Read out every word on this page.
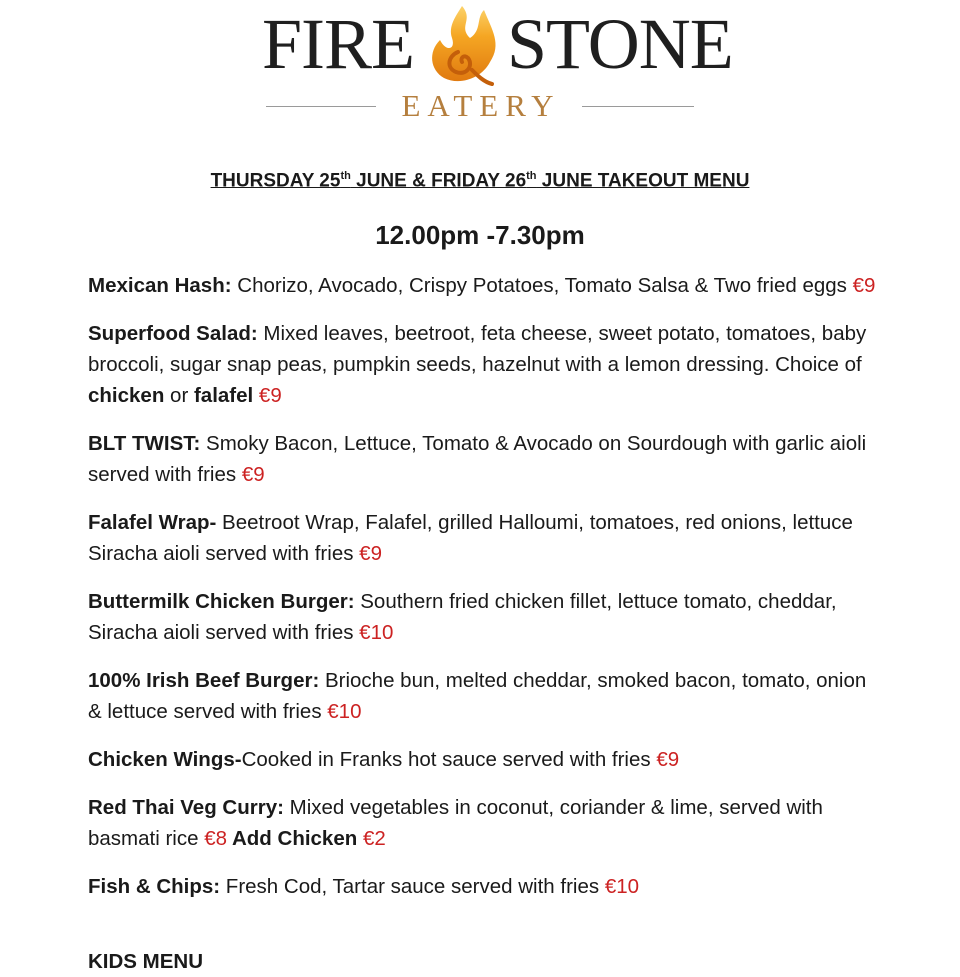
FIRE STONE
EATERY
THURSDAY 25th JUNE & FRIDAY 26th JUNE TAKEOUT MENU
12.00pm -7.30pm
Mexican Hash: Chorizo, Avocado, Crispy Potatoes, Tomato Salsa & Two fried eggs €9
Superfood Salad: Mixed leaves, beetroot, feta cheese, sweet potato, tomatoes, baby broccoli, sugar snap peas, pumpkin seeds, hazelnut with a lemon dressing. Choice of chicken or falafel €9
BLT TWIST: Smoky Bacon, Lettuce, Tomato & Avocado on Sourdough with garlic aioli served with fries €9
Falafel Wrap- Beetroot Wrap, Falafel, grilled Halloumi, tomatoes, red onions, lettuce Siracha aioli served with fries €9
Buttermilk Chicken Burger: Southern fried chicken fillet, lettuce tomato, cheddar, Siracha aioli served with fries €10
100% Irish Beef Burger: Brioche bun, melted cheddar, smoked bacon, tomato, onion & lettuce served with fries €10
Chicken Wings-Cooked in Franks hot sauce served with fries €9
Red Thai Veg Curry: Mixed vegetables in coconut, coriander & lime, served with basmati rice €8 Add Chicken €2
Fish & Chips: Fresh Cod, Tartar sauce served with fries €10
KIDS MENU
